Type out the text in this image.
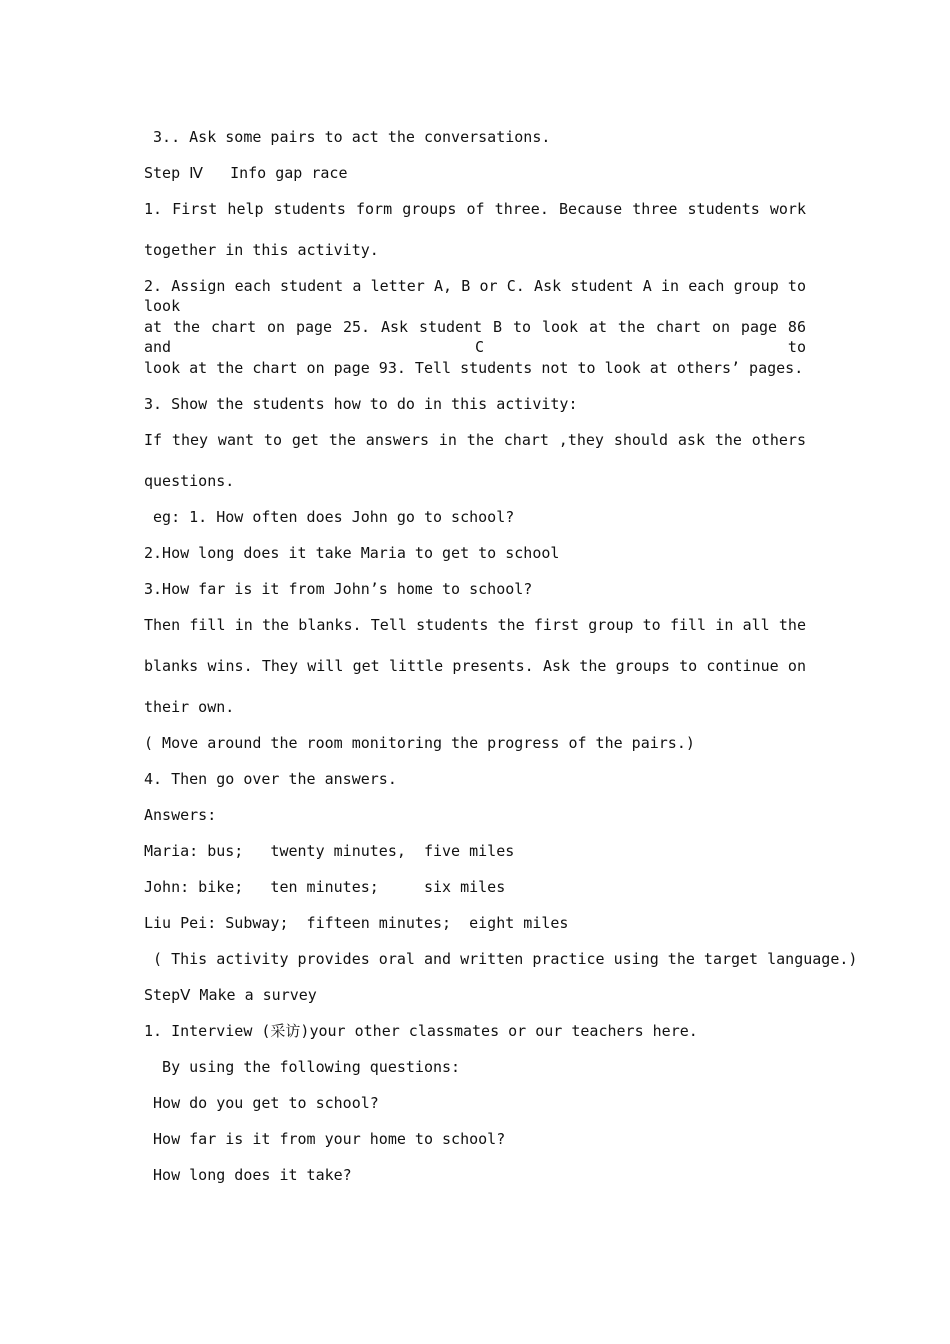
3.. Ask some pairs to act the conversations.

Step Ⅳ   Info gap race

1. First help students form groups of three. Because three students work

together in this activity.

2. Assign each student a letter A, B or C. Ask student A in each group to look

at the chart on page 25. Ask student B to look at the chart on page 86 and C to

look at the chart on page 93. Tell students not to look at others’ pages.

3. Show the students how to do in this activity:

If they want to get the answers in the chart ,they should ask the others

questions.

eg: 1. How often does John go to school?

2.How long does it take Maria to get to school

3.How far is it from John’s home to school?

Then fill in the blanks. Tell students the first group to fill in all the

blanks wins. They will get little presents. Ask the groups to continue on

their own.

( Move around the room monitoring the progress of the pairs.)

4. Then go over the answers.

Answers:

Maria: bus;   twenty minutes,  five miles

John: bike;   ten minutes;     six miles

Liu Pei: Subway;  fifteen minutes;  eight miles

( This activity provides oral and written practice using the target language.)

StepⅤ Make a survey

1. Interview (采访)your other classmates or our teachers here.

By using the following questions:

How do you get to school?

How far is it from your home to school?

How long does it take?
